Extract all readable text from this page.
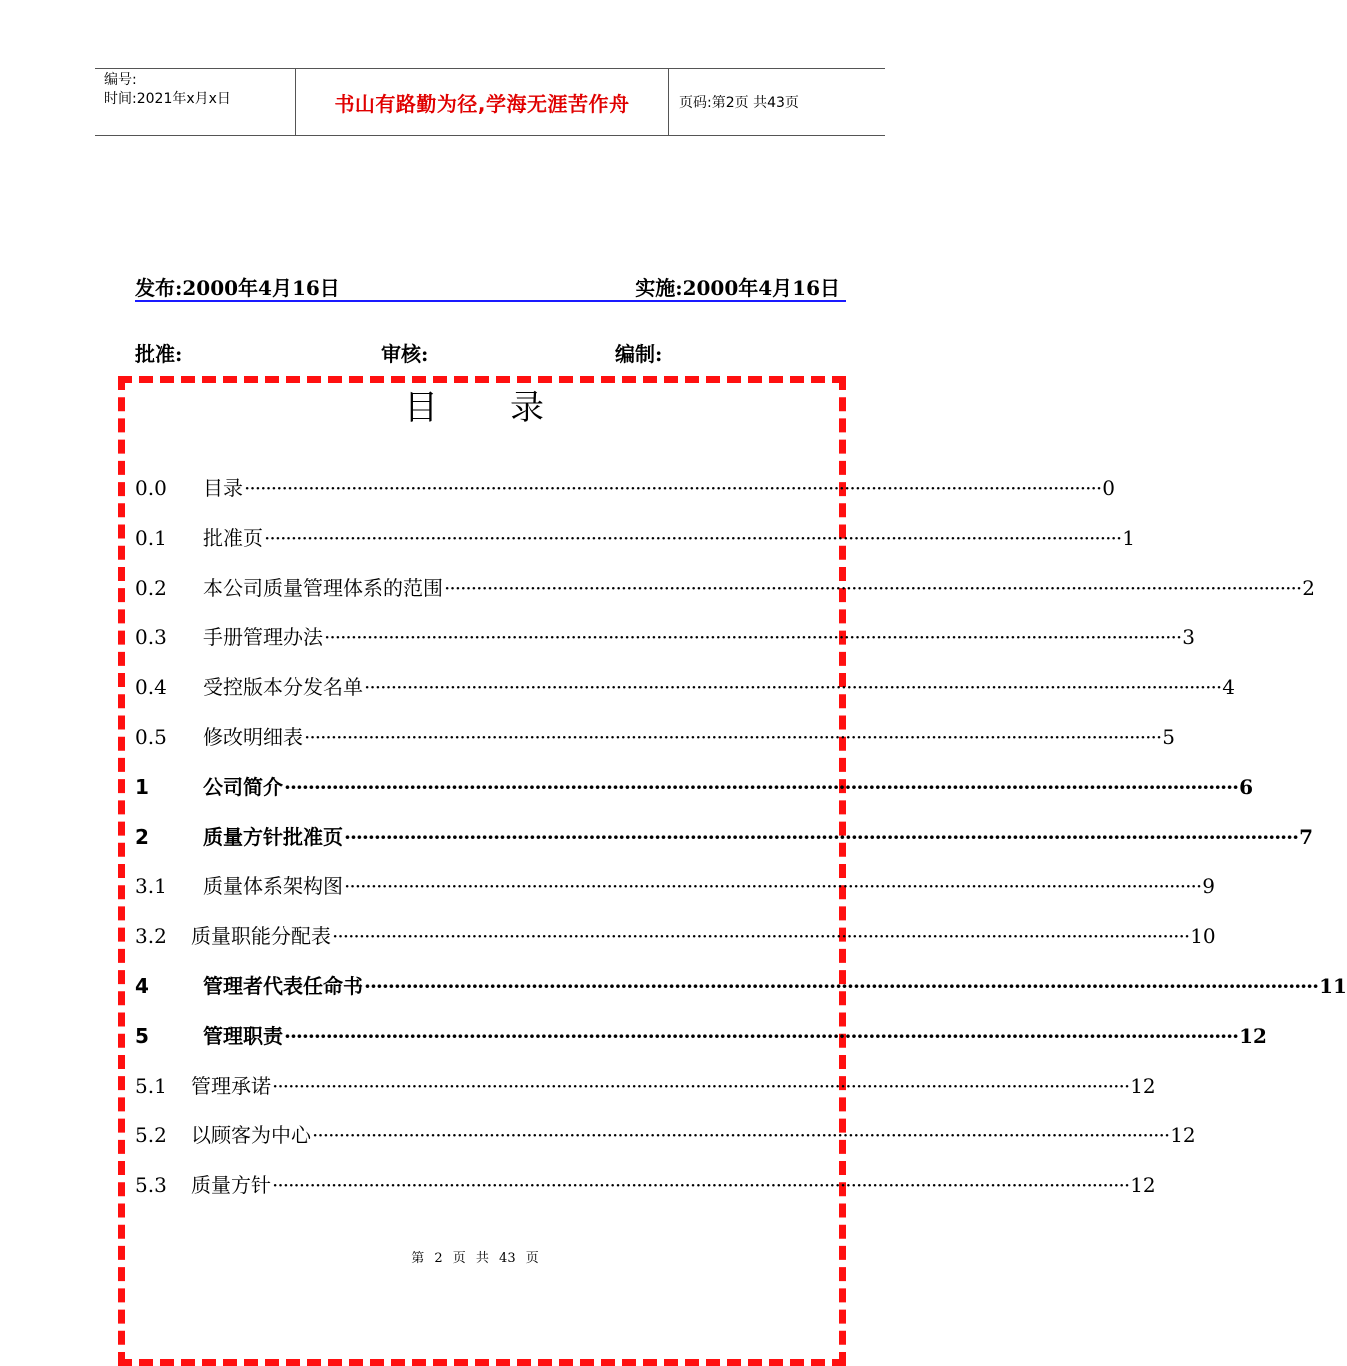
编号:
时间:2021年x月x日	书山有路勤为径,学海无涯苦作舟	页码:第2页 共43页
发布:2000年4月16日	实施:2000年4月16日
批准:	审核:	编制:
目 录
0.0	目录 ································································································································································ 0
0.1	批准页 ································································································································································ 1
0.2	本公司质量管理体系的范围 ································································································································································ 2
0.3	手册管理办法 ································································································································································ 3
0.4	受控版本分发名单 ································································································································································ 4
0.5	修改明细表 ································································································································································ 5
1	公司简介 ································································································································································ 6
2	质量方针批准页 ································································································································································ 7
3.1	质量体系架构图 ································································································································································ 9
3.2	质量职能分配表 ································································································································································ 10
4	管理者代表任命书 ································································································································································ 11
5	管理职责 ································································································································································ 12
5.1	管理承诺 ································································································································································ 12
5.2	以顾客为中心 ································································································································································ 12
5.3	质量方针 ································································································································································ 12
第 2 页 共 43 页
